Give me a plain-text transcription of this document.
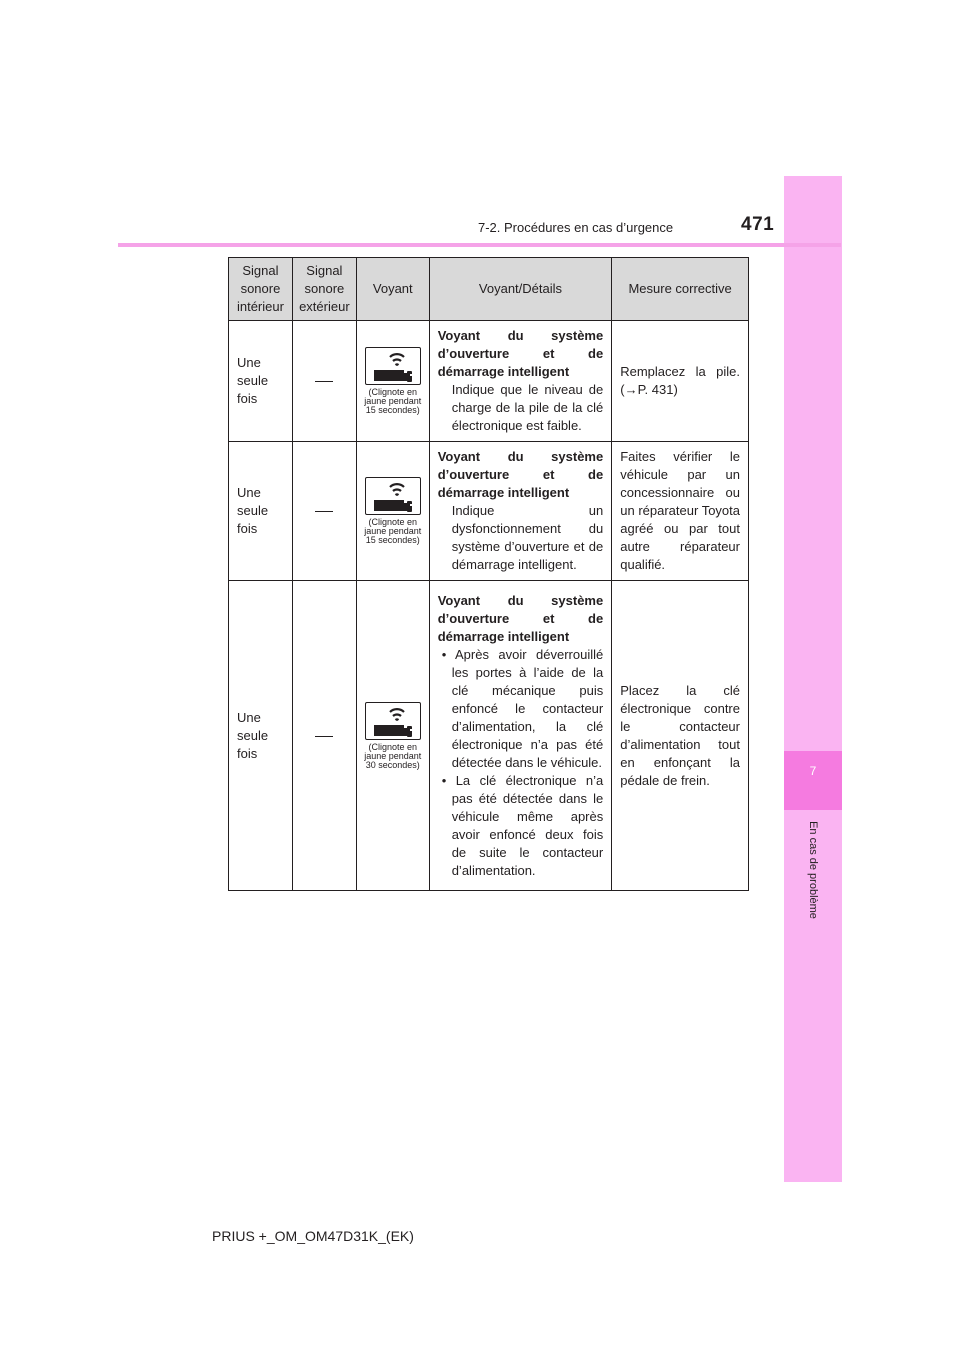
7
En cas de problème
7-2. Procédures en cas d’urgence	471
Signal sonore intérieur	Signal sonore extérieur	Voyant	Voyant/Détails	Mesure corrective

Une seule fois		(Clignote en jaune pendant 15 secondes)	Voyant du système d’ouverture et de démarrage intelligent
Indique que le niveau de charge de la pile de la clé électronique est faible.	Remplacez la pile. (→P. 431)

Une seule fois		(Clignote en jaune pendant 15 secondes)	Voyant du système d’ouverture et de démarrage intelligent
Indique un dysfonctionnement du système d’ouverture et de démarrage intelligent.	Faites vérifier le véhicule par un concessionnaire ou un réparateur Toyota agréé ou par tout autre réparateur qualifié.

Une seule fois		(Clignote en jaune pendant 30 secondes)	Voyant du système d’ouverture et de démarrage intelligent
• Après avoir déverrouillé les portes à l’aide de la clé mécanique puis enfoncé le contacteur d’alimentation, la clé électronique n’a pas été détectée dans le véhicule.
• La clé électronique n’a pas été détectée dans le véhicule même après avoir enfoncé deux fois de suite le contacteur d’alimentation.	Placez la clé électronique contre le contacteur d’alimentation tout en enfonçant la pédale de frein.
PRIUS +_OM_OM47D31K_(EK)
